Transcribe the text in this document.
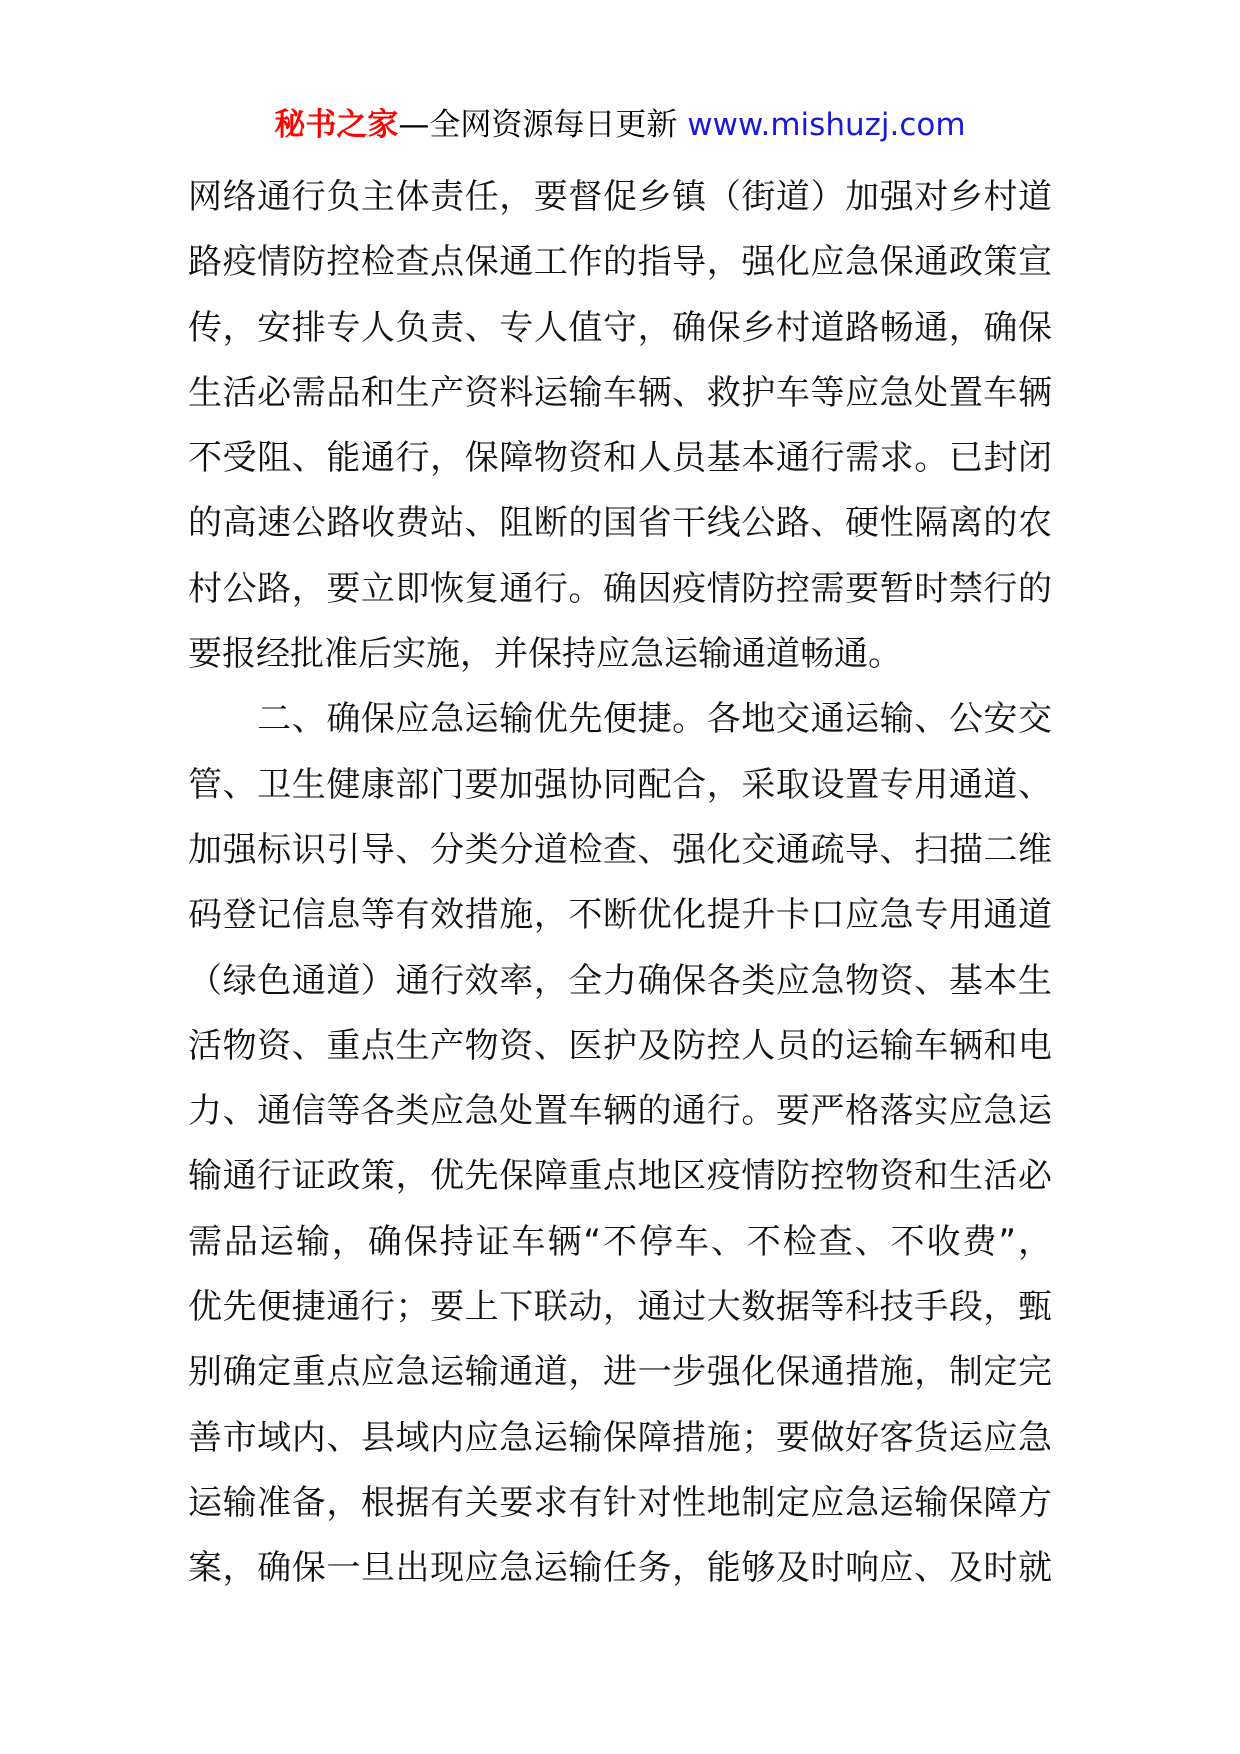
秘书之家—全网资源每日更新 www.mishuzj.com
网络通行负主体责任，要督促乡镇（街道）加强对乡村道
路疫情防控检查点保通工作的指导，强化应急保通政策宣
传，安排专人负责、专人值守，确保乡村道路畅通，确保
生活必需品和生产资料运输车辆、救护车等应急处置车辆
不受阻、能通行，保障物资和人员基本通行需求。已封闭
的高速公路收费站、阻断的国省干线公路、硬性隔离的农
村公路，要立即恢复通行。确因疫情防控需要暂时禁行的
要报经批准后实施，并保持应急运输通道畅通。
　　二、确保应急运输优先便捷。各地交通运输、公安交
管、卫生健康部门要加强协同配合，采取设置专用通道、
加强标识引导、分类分道检查、强化交通疏导、扫描二维
码登记信息等有效措施，不断优化提升卡口应急专用通道
（绿色通道）通行效率，全力确保各类应急物资、基本生
活物资、重点生产物资、医护及防控人员的运输车辆和电
力、通信等各类应急处置车辆的通行。要严格落实应急运
输通行证政策，优先保障重点地区疫情防控物资和生活必
需品运输，确保持证车辆“不停车、不检查、不收费”，
优先便捷通行；要上下联动，通过大数据等科技手段，甄
别确定重点应急运输通道，进一步强化保通措施，制定完
善市域内、县域内应急运输保障措施；要做好客货运应急
运输准备，根据有关要求有针对性地制定应急运输保障方
案，确保一旦出现应急运输任务，能够及时响应、及时就
